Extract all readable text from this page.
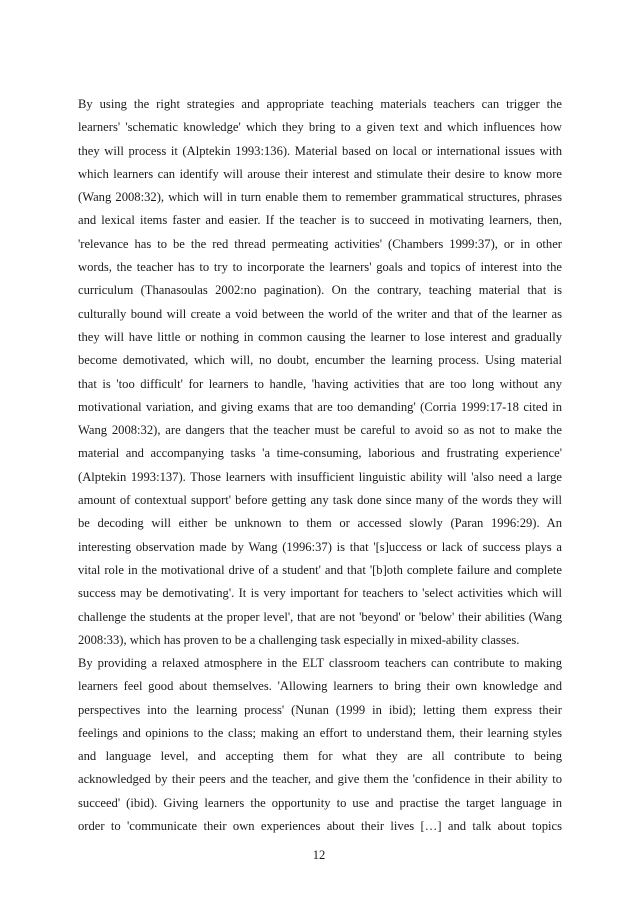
By using the right strategies and appropriate teaching materials teachers can trigger the
learners' 'schematic knowledge' which they bring to a given text and which influences how
they will process it (Alptekin 1993:136). Material based on local or international issues with
which learners can identify will arouse their interest and stimulate their desire to know more
(Wang 2008:32), which will in turn enable them to remember grammatical structures, phrases
and lexical items faster and easier. If the teacher is to succeed in motivating learners, then,
'relevance has to be the red thread permeating activities' (Chambers 1999:37), or in other
words, the teacher has to try to incorporate the learners' goals and topics of interest into the
curriculum (Thanasoulas 2002:no pagination). On the contrary, teaching material that is
culturally bound will create a void between the world of the writer and that of the learner as
they will have little or nothing in common causing the learner to lose interest and gradually
become demotivated, which will, no doubt, encumber the learning process. Using material
that is 'too difficult' for learners to handle, 'having activities that are too long without any
motivational variation, and giving exams that are too demanding' (Corria 1999:17-18 cited in
Wang 2008:32), are dangers that the teacher must be careful to avoid so as not to make the
material and accompanying tasks 'a time-consuming, laborious and frustrating experience'
(Alptekin 1993:137). Those learners with insufficient linguistic ability will 'also need a large
amount of contextual support' before getting any task done since many of the words they will
be decoding will either be unknown to them or accessed slowly (Paran 1996:29). An
interesting observation made by Wang (1996:37) is that '[s]uccess or lack of success plays a
vital role in the motivational drive of a student' and that '[b]oth complete failure and complete
success may be demotivating'. It is very important for teachers to 'select activities which will
challenge the students at the proper level', that are not 'beyond' or 'below' their abilities (Wang
2008:33), which has proven to be a challenging task especially in mixed-ability classes.
By providing a relaxed atmosphere in the ELT classroom teachers can contribute to making
learners feel good about themselves. 'Allowing learners to bring their own knowledge and
perspectives into the learning process' (Nunan (1999 in ibid); letting them express their
feelings and opinions to the class; making an effort to understand them, their learning styles
and language level, and accepting them for what they are all contribute to being
acknowledged by their peers and the teacher, and give them the 'confidence in their ability to
succeed' (ibid). Giving learners the opportunity to use and practise the target language in
order to 'communicate their own experiences about their lives […] and talk about topics
12
